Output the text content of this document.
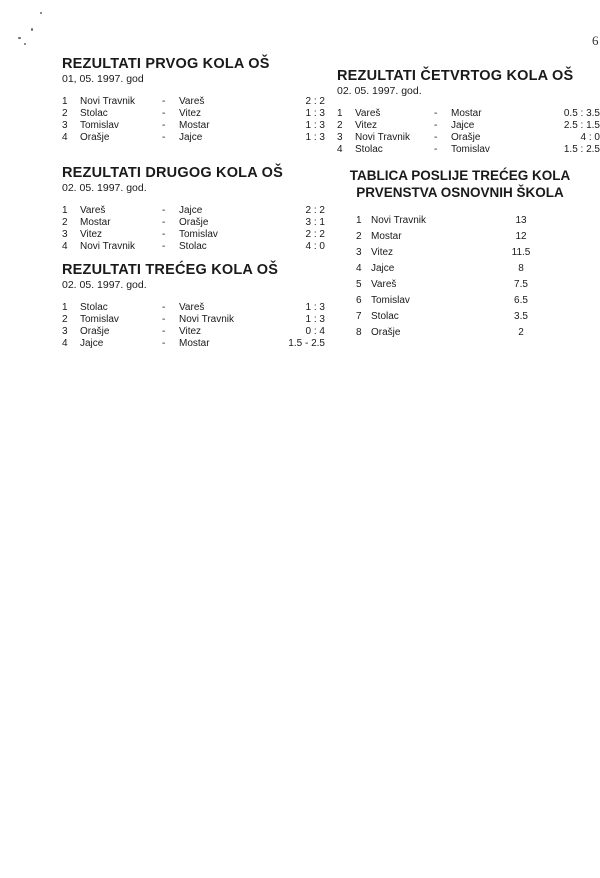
6
REZULTATI PRVOG KOLA OŠ
01, 05. 1997. god
1	Novi Travnik	-	Vareš	2 : 2
2	Stolac	-	Vitez	1 : 3
3	Tomislav	-	Mostar	1 : 3
4	Orašje	-	Jajce	1 : 3
REZULTATI DRUGOG KOLA OŠ
02. 05. 1997. god.
1	Vareš	-	Jajce	2 : 2
2	Mostar	-	Orašje	3 : 1
3	Vitez	-	Tomislav	2 : 2
4	Novi Travnik	-	Stolac	4 : 0
REZULTATI TREĆEG KOLA OŠ
02. 05. 1997. god.
1	Stolac	-	Vareš	1 : 3
2	Tomislav	-	Novi Travnik	1 : 3
3	Orašje	-	Vitez	0 : 4
4	Jajce	-	Mostar	1.5 - 2.5
REZULTATI ČETVRTOG KOLA OŠ
02. 05. 1997. god.
1	Vareš	-	Mostar	0.5 : 3.5
2	Vitez	-	Jajce	2.5 : 1.5
3	Novi Travnik	-	Orašje	4 : 0
4	Stolac	-	Tomislav	1.5 : 2.5
TABLICA POSLIJE TREĆEG KOLA
PRVENSTVA OSNOVNIH ŠKOLA
1 Novi Travnik	13
2 Mostar	12
3 Vitez	11.5
4 Jajce	8
5 Vareš	7.5
6 Tomislav	6.5
7 Stolac	3.5
8 Orašje	2
